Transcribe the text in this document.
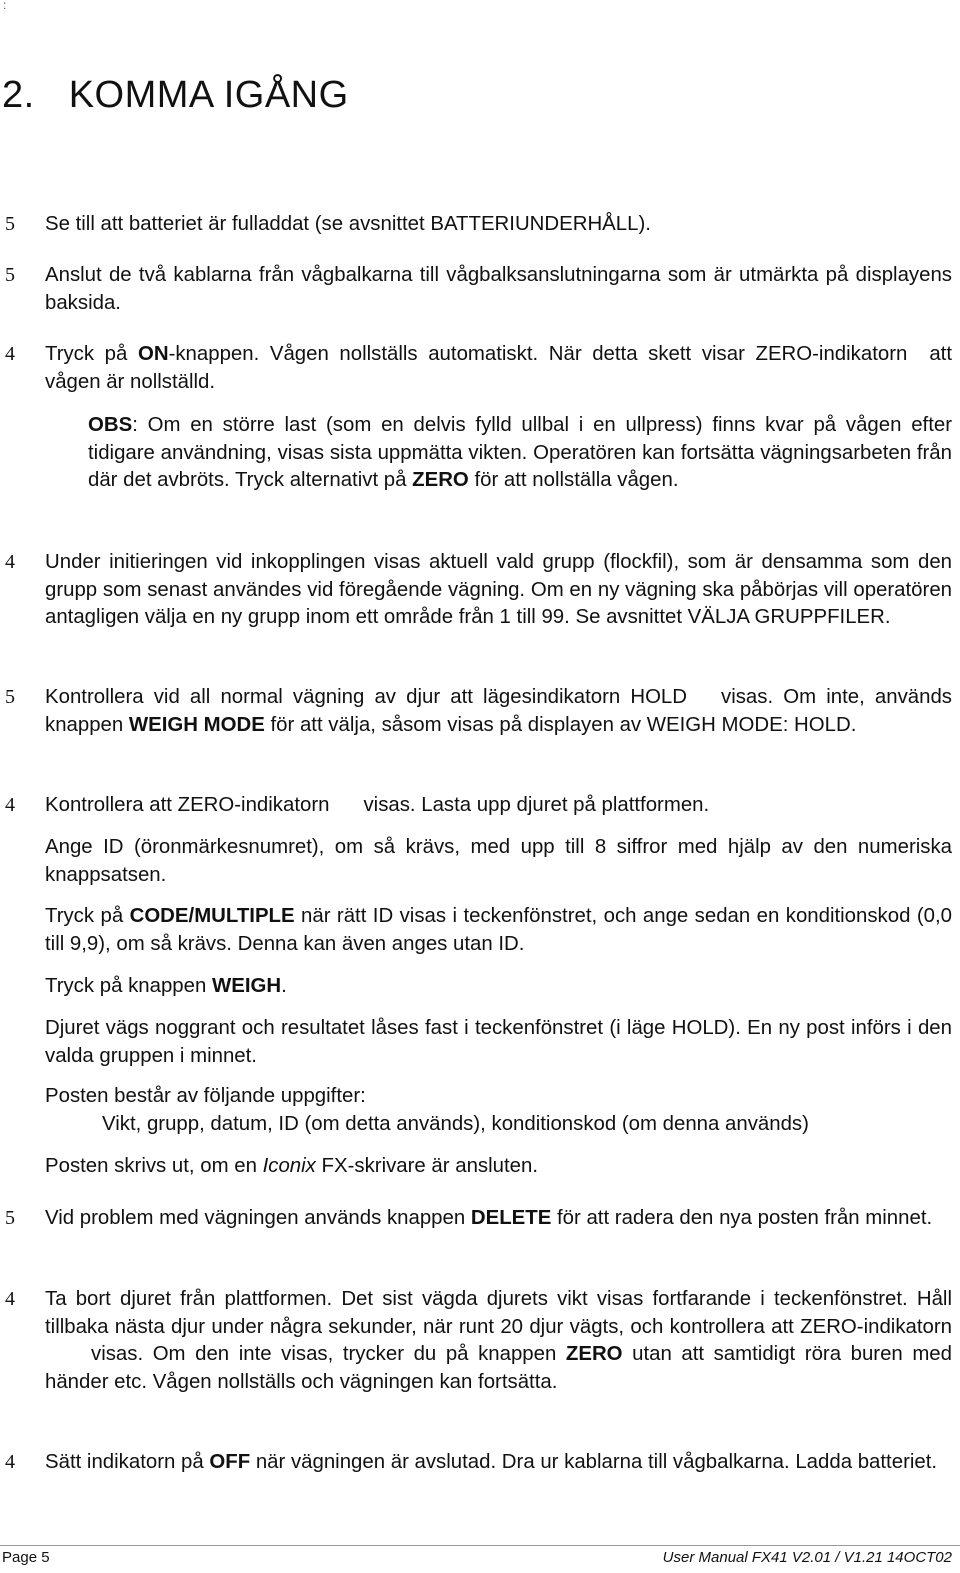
:
2. KOMMA IGÅNG
5 Se till att batteriet är fulladdat (se avsnittet BATTERIUNDERHÅLL).
5 Anslut de två kablarna från vågbalkarna till vågbalksanslutningarna som är utmärkta på displayens baksida.
4 Tryck på ON-knappen. Vågen nollställs automatiskt. När detta skett visar ZERO-indikatorn att vågen är nollställd.
OBS: Om en större last (som en delvis fylld ullbal i en ullpress) finns kvar på vågen efter tidigare användning, visas sista uppmätta vikten. Operatören kan fortsätta vägningsarbeten från där det avbröts. Tryck alternativt på ZERO för att nollställa vågen.
4 Under initieringen vid inkopplingen visas aktuell vald grupp (flockfil), som är densamma som den grupp som senast användes vid föregående vägning. Om en ny vägning ska påbörjas vill operatören antagligen välja en ny grupp inom ett område från 1 till 99. Se avsnittet VÄLJA GRUPPFILER.
5 Kontrollera vid all normal vägning av djur att lägesindikatorn HOLD visas. Om inte, används knappen WEIGH MODE för att välja, såsom visas på displayen av WEIGH MODE: HOLD.
4 Kontrollera att ZERO-indikatorn visas. Lasta upp djuret på plattformen.
Ange ID (öronmärkesnumret), om så krävs, med upp till 8 siffror med hjälp av den numeriska knappsatsen.
Tryck på CODE/MULTIPLE när rätt ID visas i teckenfönstret, och ange sedan en konditionskod (0,0 till 9,9), om så krävs. Denna kan även anges utan ID.
Tryck på knappen WEIGH.
Djuret vägs noggrant och resultatet låses fast i teckenfönstret (i läge HOLD). En ny post införs i den valda gruppen i minnet.
Posten består av följande uppgifter:
Vikt, grupp, datum, ID (om detta används), konditionskod (om denna används)
Posten skrivs ut, om en Iconix FX-skrivare är ansluten.
5 Vid problem med vägningen används knappen DELETE för att radera den nya posten från minnet.
4 Ta bort djuret från plattformen. Det sist vägda djurets vikt visas fortfarande i teckenfönstret. Håll tillbaka nästa djur under några sekunder, när runt 20 djur vägts, och kontrollera att ZERO-indikatornvisas. Om den inte visas, trycker du på knappen ZERO utan att samtidigt röra buren med händer etc. Vågen nollställs och vägningen kan fortsätta.
4 Sätt indikatorn på OFF när vägningen är avslutad. Dra ur kablarna till vågbalkarna. Ladda batteriet.
Page 5	User Manual FX41 V2.01 / V1.21 14OCT02
